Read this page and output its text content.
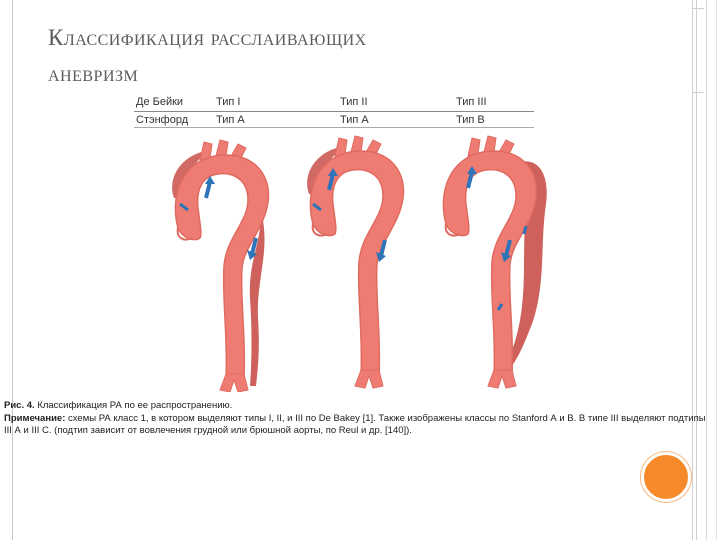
Классификация расслаивающих
аневризм
Де Бейки	Тип I	Тип II	Тип III
Стэнфорд	Тип А	Тип А	Тип В
Рис. 4. Классификация РА по ее распространению.
Примечание: схемы РА класс 1, в котором выделяют типы I, II, и III по De Bakey [1]. Также изображены классы по Stanford А и В. В типе III выделяют подтипы III А и III С. (подтип зависит от вовлечения грудной или брюшной аорты, по Reul и др. [140]).
